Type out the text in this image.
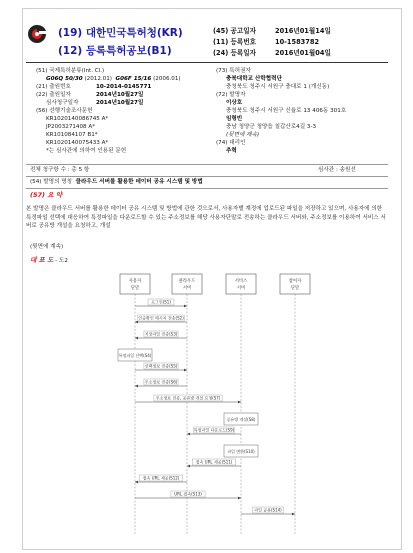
(19) 대한민국특허청(KR)
(12) 등록특허공보(B1)
(45) 공고일자	2016년01월14일
(11) 등록번호	10-1583782
(24) 등록일자	2016년01월04일
(51) 국제특허분류(Int. Cl.)
G06Q 50/30 (2012.01) G06F 15/16 (2006.01)
(21) 출원번호	10-2014-0145771
(22) 출원일자	2014년10월27일
심사청구일자	2014년10월27일
(56) 선행기술조사문헌
KR1020140086745 A*
JP2003271408 A*
KR101084107 B1*
KR1020140075433 A*
*는 심사관에 의하여 인용된 문헌
(73) 특허권자
충북대학교 산학협력단
충청북도 청주시 서원구 충대로 1 (개신동)
(72) 발명자
이상호
충청북도 청주시 서원구 신율로 13 406동 301호
임형빈
충남 청양군 청양읍 칠갑산로4길 3-3
(뒷면에 계속)
(74) 대리인
추혁
전체 청구항 수 : 총 5 항	심사관 : 송원선
(54) 발명의 명칭 클라우드 서버를 활용한 데이터 공유 시스템 및 방법
(57) 요 약
본 발명은 클라우드 서버를 활용한 데이터 공유 시스템 및 방법에 관한 것으로서, 사용자별 계정에 업로드된 파일을 저장하고 있으며, 사용자에 의한 특정파일 선택에 대응하여 특정파일을 다운로드할 수 있는 주소정보를 해당 사용자단말로 전송하는 클라우드 서버와, 주소정보를 이용하여 서비스 서버로 공유방 개설을 요청하고, 개설
(뒷면에 계속)
대 표 도 - 도2
사용자
단말
클라우드
서버
서비스
서버
참여자
단말
로그인(S1)
인증확인 메시지 전송(S2)
저장파일 전송(S3)
특정파일 선택(S4)
선택정보 전송(S5)
주소정보 전송(S6)
주소정보 전송, 공유방 개설 요청(S7)
공유방 개설(S8)
특정파일 다운로드(S9)
파일 변환(S10)
접속 URL 제공(S11)
접속 URL 제공(S12)
URL 접속(S13)
파일 공유(S14)
